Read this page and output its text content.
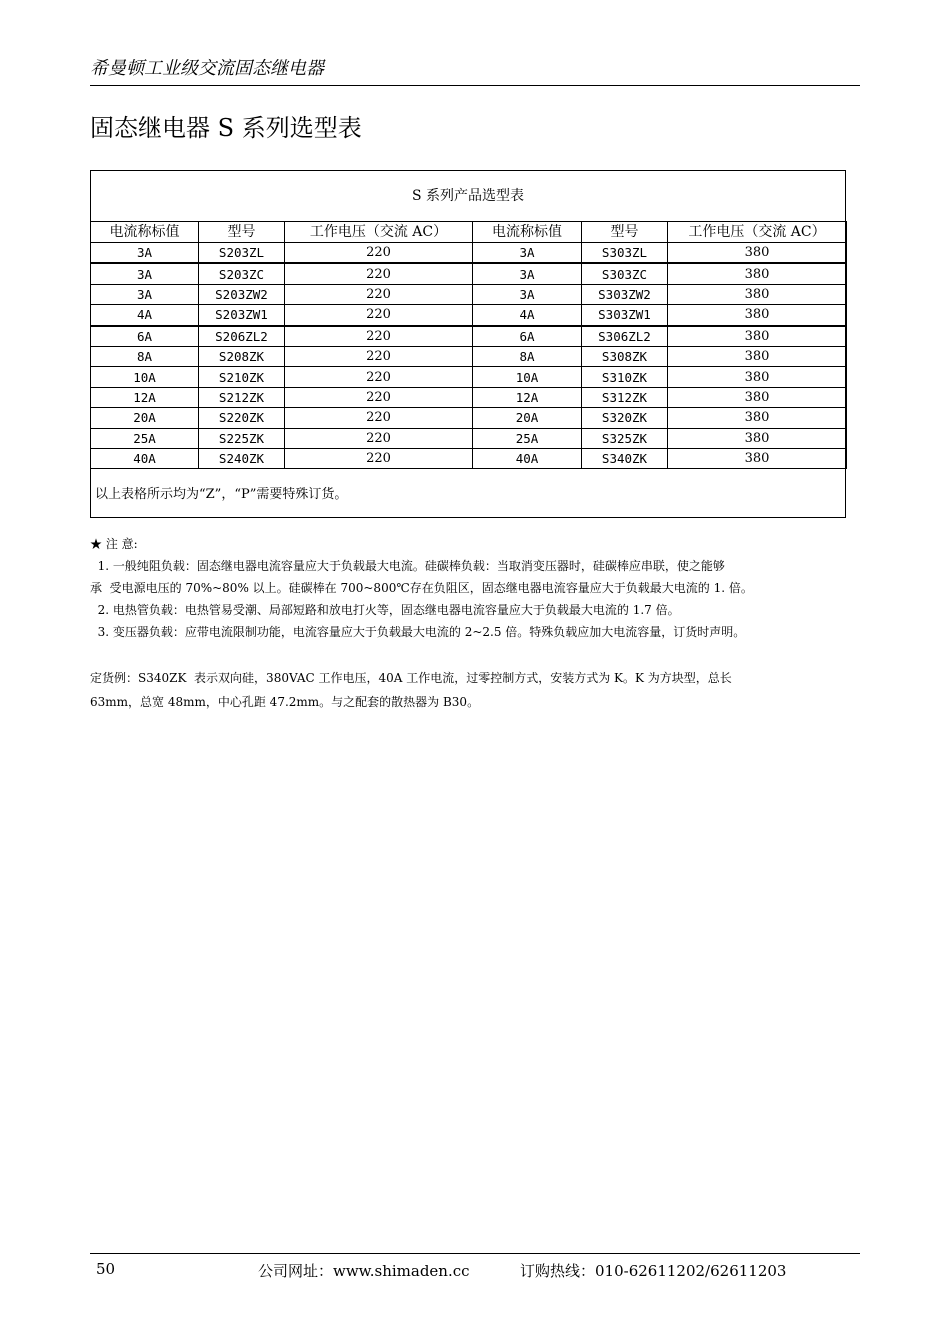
希曼顿工业级交流固态继电器
固态继电器 S 系列选型表
S 系列产品选型表
电流称标值	型号	工作电压（交流 AC）	电流称标值	型号	工作电压（交流 AC）
3A	S203ZL	220	3A	S303ZL	380
3A	S203ZC	220	3A	S303ZC	380
3A	S203ZW2	220	3A	S303ZW2	380
4A	S203ZW1	220	4A	S303ZW1	380
6A	S206ZL2	220	6A	S306ZL2	380
8A	S208ZK	220	8A	S308ZK	380
10A	S210ZK	220	10A	S310ZK	380
12A	S212ZK	220	12A	S312ZK	380
20A	S220ZK	220	20A	S320ZK	380
25A	S225ZK	220	25A	S325ZK	380
40A	S240ZK	220	40A	S340ZK	380
以上表格所示均为“Z”，“P”需要特殊订货。
★ 注 意:
1. 一般纯阻负载：固态继电器电流容量应大于负载最大电流。硅碳棒负载：当取消变压器时，硅碳棒应串联，使之能够
承  受电源电压的 70%~80% 以上。硅碳棒在 700~800℃存在负阻区，固态继电器电流容量应大于负载最大电流的 1. 倍。
2. 电热管负载：电热管易受潮、局部短路和放电打火等，固态继电器电流容量应大于负载最大电流的 1.7 倍。
3. 变压器负载：应带电流限制功能，电流容量应大于负载最大电流的 2~2.5 倍。特殊负载应加大电流容量，订货时声明。
定货例：S340ZK  表示双向硅，380VAC 工作电压，40A 工作电流，过零控制方式，安装方式为 K。K 为方块型，总长
63mm，总宽 48mm，中心孔距 47.2mm。与之配套的散热器为 B30。
50	公司网址：www.shimaden.cc	订购热线：010-62611202/62611203
